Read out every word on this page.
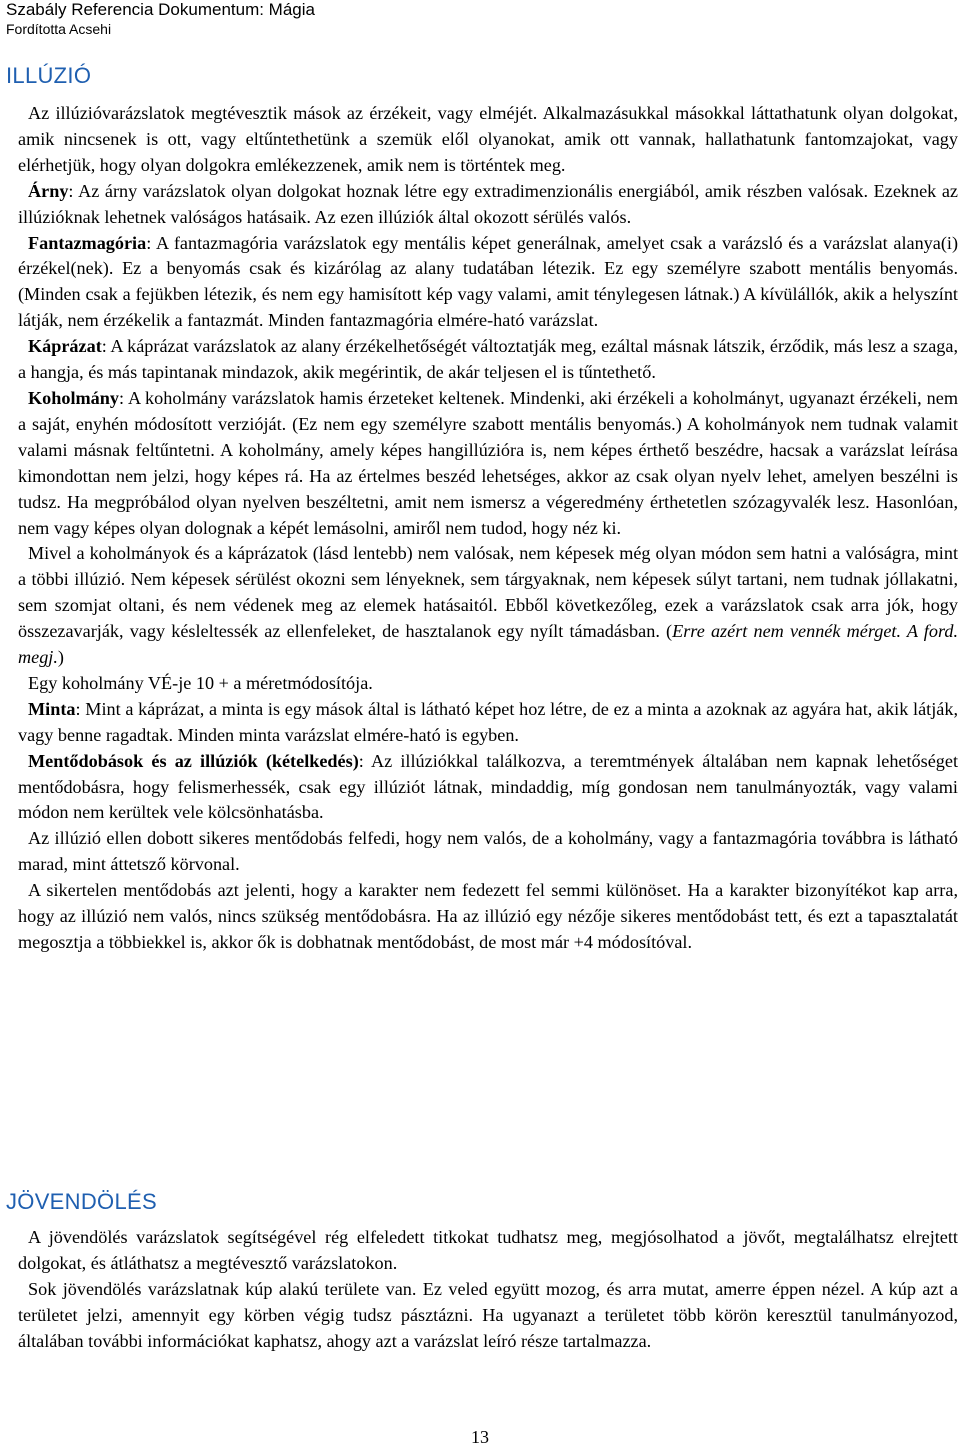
Szabály Referencia Dokumentum: Mágia
Fordította Acsehi
ILLÚZIÓ

Az illúzióvarázslatok megtévesztik mások az érzékeit, vagy elméjét. Alkalmazásukkal másokkal láttathatunk olyan dolgokat, amik nincsenek is ott, vagy eltűntethetünk a szemük elől olyanokat, amik ott vannak, hallathatunk fantomzajokat, vagy elérhetjük, hogy olyan dolgokra emlékezzenek, amik nem is történtek meg.

Árny: Az árny varázslatok olyan dolgokat hoznak létre egy extradimenzionális energiából, amik részben valósak. Ezeknek az illúzióknak lehetnek valóságos hatásaik. Az ezen illúziók által okozott sérülés valós.

Fantazmagória: A fantazmagória varázslatok egy mentális képet generálnak, amelyet csak a varázsló és a varázslat alanya(i) érzékel(nek). Ez a benyomás csak és kizárólag az alany tudatában létezik. Ez egy személyre szabott mentális benyomás. (Minden csak a fejükben létezik, és nem egy hamisított kép vagy valami, amit ténylegesen látnak.) A kívülállók, akik a helyszínt látják, nem érzékelik a fantazmát. Minden fantazmagória elmére-ható varázslat.

Káprázat: A káprázat varázslatok az alany érzékelhetőségét változtatják meg, ezáltal másnak látszik, érződik, más lesz a szaga, a hangja, és más tapintanak mindazok, akik megérintik, de akár teljesen el is tűntethető.

Koholmány: A koholmány varázslatok hamis érzeteket keltenek. Mindenki, aki érzékeli a koholmányt, ugyanazt érzékeli, nem a saját, enyhén módosított verzióját. (Ez nem egy személyre szabott mentális benyomás.) A koholmányok nem tudnak valamit valami másnak feltűntetni. A koholmány, amely képes hangillúzióra is, nem képes érthető beszédre, hacsak a varázslat leírása kimondottan nem jelzi, hogy képes rá. Ha az értelmes beszéd lehetséges, akkor az csak olyan nyelv lehet, amelyen beszélni is tudsz. Ha megpróbálod olyan nyelven beszéltetni, amit nem ismersz a végeredmény érthetetlen szózagyvalék lesz. Hasonlóan, nem vagy képes olyan dolognak a képét lemásolni, amiről nem tudod, hogy néz ki.

Mivel a koholmányok és a káprázatok (lásd lentebb) nem valósak, nem képesek még olyan módon sem hatni a valóságra, mint a többi illúzió. Nem képesek sérülést okozni sem lényeknek, sem tárgyaknak, nem képesek súlyt tartani, nem tudnak jóllakatni, sem szomjat oltani, és nem védenek meg az elemek hatásaitól. Ebből következőleg, ezek a varázslatok csak arra jók, hogy összezavarják, vagy késleltessék az ellenfeleket, de hasztalanok egy nyílt támadásban. (Erre azért nem vennék mérget. A ford. megj.)

Egy koholmány VÉ-je 10 + a méretmódosítója.

Minta: Mint a káprázat, a minta is egy mások által is látható képet hoz létre, de ez a minta a azoknak az agyára hat, akik látják, vagy benne ragadtak. Minden minta varázslat elmére-ható is egyben.

Mentődobások és az illúziók (kételkedés): Az illúziókkal találkozva, a teremtmények általában nem kapnak lehetőséget mentődobásra, hogy felismerhessék, csak egy illúziót látnak, mindaddig, míg gondosan nem tanulmányozták, vagy valami módon nem kerültek vele kölcsönhatásba.

Az illúzió ellen dobott sikeres mentődobás felfedi, hogy nem valós, de a koholmány, vagy a fantazmagória továbbra is látható marad, mint áttetsző körvonal.

A sikertelen mentődobás azt jelenti, hogy a karakter nem fedezett fel semmi különöset. Ha a karakter bizonyítékot kap arra, hogy az illúzió nem valós, nincs szükség mentődobásra. Ha az illúzió egy nézője sikeres mentődobást tett, és ezt a tapasztalatát megosztja a többiekkel is, akkor ők is dobhatnak mentődobást, de most már +4 módosítóval.

JÖVENDÖLÉS

A jövendölés varázslatok segítségével rég elfeledett titkokat tudhatsz meg, megjósolhatod a jövőt, megtalálhatsz elrejtett dolgokat, és átláthatsz a megtévesztő varázslatokon.

Sok jövendölés varázslatnak kúp alakú területe van. Ez veled együtt mozog, és arra mutat, amerre éppen nézel. A kúp azt a területet jelzi, amennyit egy körben végig tudsz pásztázni. Ha ugyanazt a területet több körön keresztül tanulmányozod, általában további információkat kaphatsz, ahogy azt a varázslat leíró része tartalmazza.

13
